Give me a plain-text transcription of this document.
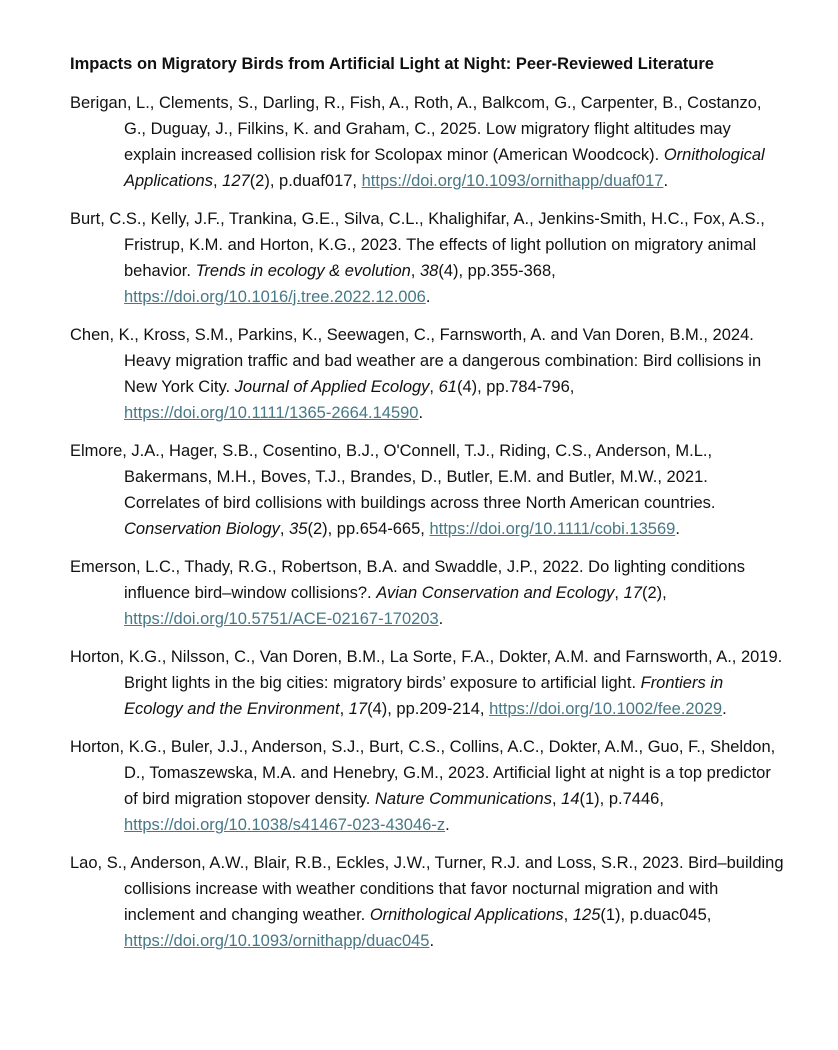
Impacts on Migratory Birds from Artificial Light at Night: Peer-Reviewed Literature

Berigan, L., Clements, S., Darling, R., Fish, A., Roth, A., Balkcom, G., Carpenter, B., Costanzo, G., Duguay, J., Filkins, K. and Graham, C., 2025. Low migratory flight altitudes may explain increased collision risk for Scolopax minor (American Woodcock). Ornithological Applications, 127(2), p.duaf017, https://doi.org/10.1093/ornithapp/duaf017.

Burt, C.S., Kelly, J.F., Trankina, G.E., Silva, C.L., Khalighifar, A., Jenkins-Smith, H.C., Fox, A.S., Fristrup, K.M. and Horton, K.G., 2023. The effects of light pollution on migratory animal behavior. Trends in ecology & evolution, 38(4), pp.355-368, https://doi.org/10.1016/j.tree.2022.12.006.

Chen, K., Kross, S.M., Parkins, K., Seewagen, C., Farnsworth, A. and Van Doren, B.M., 2024. Heavy migration traffic and bad weather are a dangerous combination: Bird collisions in New York City. Journal of Applied Ecology, 61(4), pp.784-796, https://doi.org/10.1111/1365-2664.14590.

Elmore, J.A., Hager, S.B., Cosentino, B.J., O'Connell, T.J., Riding, C.S., Anderson, M.L., Bakermans, M.H., Boves, T.J., Brandes, D., Butler, E.M. and Butler, M.W., 2021. Correlates of bird collisions with buildings across three North American countries. Conservation Biology, 35(2), pp.654-665, https://doi.org/10.1111/cobi.13569.

Emerson, L.C., Thady, R.G., Robertson, B.A. and Swaddle, J.P., 2022. Do lighting conditions influence bird–window collisions?. Avian Conservation and Ecology, 17(2), https://doi.org/10.5751/ACE-02167-170203.

Horton, K.G., Nilsson, C., Van Doren, B.M., La Sorte, F.A., Dokter, A.M. and Farnsworth, A., 2019. Bright lights in the big cities: migratory birds’ exposure to artificial light. Frontiers in Ecology and the Environment, 17(4), pp.209-214, https://doi.org/10.1002/fee.2029.

Horton, K.G., Buler, J.J., Anderson, S.J., Burt, C.S., Collins, A.C., Dokter, A.M., Guo, F., Sheldon, D., Tomaszewska, M.A. and Henebry, G.M., 2023. Artificial light at night is a top predictor of bird migration stopover density. Nature Communications, 14(1), p.7446, https://doi.org/10.1038/s41467-023-43046-z.

Lao, S., Anderson, A.W., Blair, R.B., Eckles, J.W., Turner, R.J. and Loss, S.R., 2023. Bird–building collisions increase with weather conditions that favor nocturnal migration and with inclement and changing weather. Ornithological Applications, 125(1), p.duac045, https://doi.org/10.1093/ornithapp/duac045.
